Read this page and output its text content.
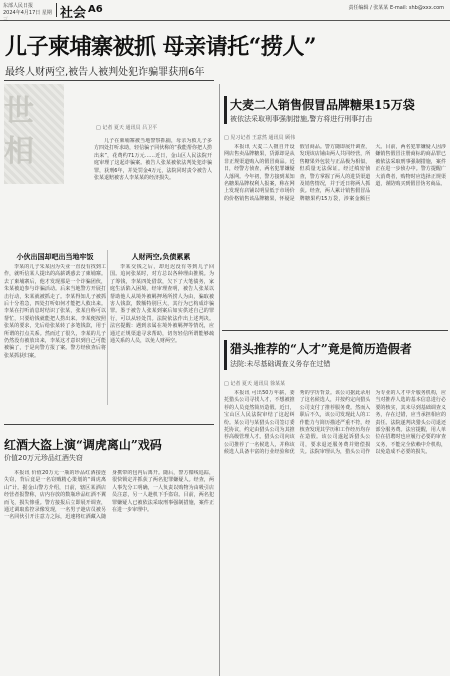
东部人民日报
2024年4月17日 星期三	社会 A6	责任编辑 / 张某某 E-mail: shb@xxx.com
儿子柬埔寨被抓 母亲请托“捞人”
最终人财两空,被告人被判处犯诈骗罪获刑6年
世 相
□ 记者 夏天 通讯员 吕卫平

儿子在柬埔寨被当地警察抓捕，母亲为救儿子多方四处打听求助，轻信骗子同伙称的“我能帮你把人捞出来”，花费约71万元……近日，金山区人民法院开庭审理了这起诈骗案。被告人张某被依法判处犯诈骗罪，获刑6年，并处罚金4万元，法院同时责令被告人张某退赔被害人李某某的经济损失。

小伙出国却吧出当地牢饭

李某的儿子朱某因为失业一直没有找到工作，就听信某人提出的高薪诱惑去了柬埔寨。去了柬埔寨后，他才发现那是一个诈骗团伙，朱某被迫参与诈骗活动。后来当地警方开展打击行动，朱某就被抓走了。李某得知儿子被抓后十分着急，四处打听如何才能把人救出来。李某在打听消息时结识了张某，张某自称可以帮忙，只要给钱就能把人捞出来。李某便按照张某的要求，先后给张某转了多笔钱款，用于所谓的打点关系。然而过了很久，李某的儿子仍然没有被放出来，李某这才意识到自己可能被骗了，于是向警方报了案。警方经侦查后将张某抓获归案。

人财两空,负债累累

李某交钱之后，却迟迟没有等到儿子回国。追问张某时，对方总以各种理由推脱。为了筹钱，李某四处借款，欠下了大笔债务，家庭生活陷入困境。经审理查明，被告人张某以帮助他人从境外被羁押场所捞人为由，骗取被害人钱款，数额特别巨大，其行为已构成诈骗罪。鉴于被告人张某到案后如实供述自己的罪行，可以从轻处罚。法院依法作出上述判决。法官提醒：遇到亲属在境外被羁押等情况，应通过正规渠道寻求帮助，切勿轻信所谓能够疏通关系的人员，以免人财两空。

红酒大盗上演“调虎离山”戏码
价值20万元珍品红酒失窃

本报讯 价值20万元一瓶的珍品红酒接连失窃，背后竟是一名窃贼精心策划的“调虎离山”计。据金山警方介绍，日前，辖区某酒店经营者报警称，店内存放的数瓶珍品红酒不翼而飞，损失惨重。警方接报后立即展开调查，通过调取监控录像发现，一名男子趁店员被另一名同伙引开注意力之际，迅速将红酒藏入随身携带的包内后离开。随后，警方循线追踪，很快锁定并抓获了两名犯罪嫌疑人。经查，两人事先分工明确，一人负责以购物为由吸引店员注意，另一人趁机下手盗窃。目前，两名犯罪嫌疑人已被依法采取刑事强制措施，案件正在进一步审理中。

大麦二人销售假冒品牌糖果15万袋
被依法采取刑事强制措施,警方将进行刑事打击
□ 见习记者 王意然 通讯员 顾伟

本报讯 大麦二人擅自开设网店售卖品牌糖果，货源却是从非正规渠道购入的假冒商品。近日，经警方侦查，两名犯罪嫌疑人落网。今年初，警方接到某知名糖果品牌权利人报案，称在网上发现有店铺以明显低于市场价的价格销售该品牌糖果，怀疑是假冒商品。警方随即展开调查，发现该店铺由两人共同经营，所售糖果外包装与正品极为相似，但质量无法保证。经过缜密侦查，警方掌握了两人的进货渠道及销售情况，并于近日将两人抓获。经查，两人累计销售假冒品牌糖果约15万袋，涉案金额巨大。目前，两名犯罪嫌疑人因涉嫌销售假冒注册商标的商品罪已被依法采取刑事强制措施，案件正在进一步侦办中。警方提醒广大消费者，购物时应选择正规渠道，谨防购买到假冒伪劣商品。

猎头推荐的“人才”竟是简历造假者
法院:未尽基础调查义务存在过错
□ 记者 夏天 通讯员 徐某某

本报讯 可出50万年薪，委托猎头公司寻找人才，不想被推荐的人员竟然简历造假。近日，宝山区人民法院审结了这起纠纷。某公司与某猎头公司签订委托协议，约定由猎头公司为其推荐高级管理人才。猎头公司向该公司推荐了一名候选人，并称该候选人具备丰富的行业经验和优秀的学历背景。该公司据此录用了这名候选人，并按约定向猎头公司支付了推荐服务费。然而入职后不久，该公司发现此人的工作能力与简历描述严重不符，经核查发现其学历和工作经历均存在造假。该公司遂起诉猎头公司，要求退还服务费并赔偿损失。法院审理认为，猎头公司作为专业的人才中介服务机构，应当对推荐人选的基本信息进行必要的核实，其未尽到基础调查义务，存在过错，应当承担相应的责任。法院遂判决猎头公司退还部分服务费。法官提醒，用人单位在招聘时也应履行必要的审查义务，不能完全依赖中介机构，以免造成不必要的损失。
